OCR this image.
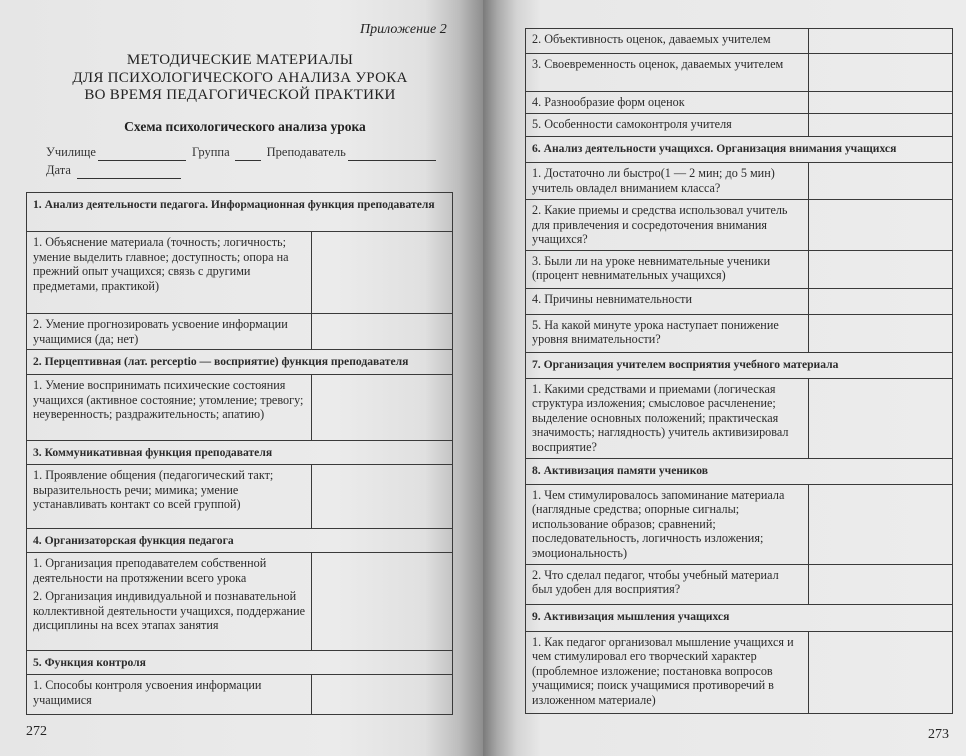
Приложение 2
МЕТОДИЧЕСКИЕ МАТЕРИАЛЫ
ДЛЯ ПСИХОЛОГИЧЕСКОГО АНАЛИЗА УРОКА
ВО ВРЕМЯ ПЕДАГОГИЧЕСКОЙ ПРАКТИКИ
Схема психологического анализа урока
Училище	Группа	Преподаватель
Дата
1. Анализ деятельности педагога. Информационная функция преподавателя	
1. Объяснение материала (точность; логичность; умение выделить главное; доступность; опора на прежний опыт учащихся; связь с другими предметами, практикой)	
2. Умение прогнозировать усвоение информации учащимися (да; нет)	
2. Перцептивная (лат. perceptio — восприятие) функция преподавателя	
1. Умение воспринимать психические состояния учащихся (активное состояние; утомление; тревогу; неуверенность; раздражительность; апатию)	
3. Коммуникативная функция преподавателя	
1. Проявление общения (педагогический такт; выразительность речи; мимика; умение устанавливать контакт со всей группой)	
4. Организаторская функция педагога	

1. Организация преподавателем собственной деятельности на протяжении всего урока
2. Организация индивидуальной и познавательной коллективной деятельности учащихся, поддержание дисциплины на всех этапах занятия	

5. Функция контроля	
1. Способы контроля усвоения информации учащимися	
272
2. Объективность оценок, даваемых учителем	
3. Своевременность оценок, даваемых учителем	
4. Разнообразие форм оценок	
5. Особенности самоконтроля учителя	
6. Анализ деятельности учащихся. Организация внимания учащихся	
1. Достаточно ли быстро(1 — 2 мин; до 5 мин) учитель овладел вниманием класса?	
2. Какие приемы и средства использовал учитель для привлечения и сосредоточения внимания учащихся?	
3. Были ли на уроке невнимательные ученики (процент невнимательных учащихся)	
4. Причины невнимательности	
5. На какой минуте урока наступает понижение уровня внимательности?	
7. Организация учителем восприятия учебного материала	
1. Какими средствами и приемами (логическая структура изложения; смысловое расчленение; выделение основных положений; практическая значимость; наглядность) учитель активизировал восприятие?	
8. Активизация памяти учеников	
1. Чем стимулировалось запоминание материала (наглядные средства; опорные сигналы; использование образов; сравнений; последовательность, логичность изложения; эмоциональность)	
2. Что сделал педагог, чтобы учебный материал был удобен для восприятия?	
9. Активизация мышления учащихся	
1. Как педагог организовал мышление учащихся и чем стимулировал его творческий характер (проблемное изложение; постановка вопросов учащимися; поиск учащимися противоречий в изложенном материале)	
273
